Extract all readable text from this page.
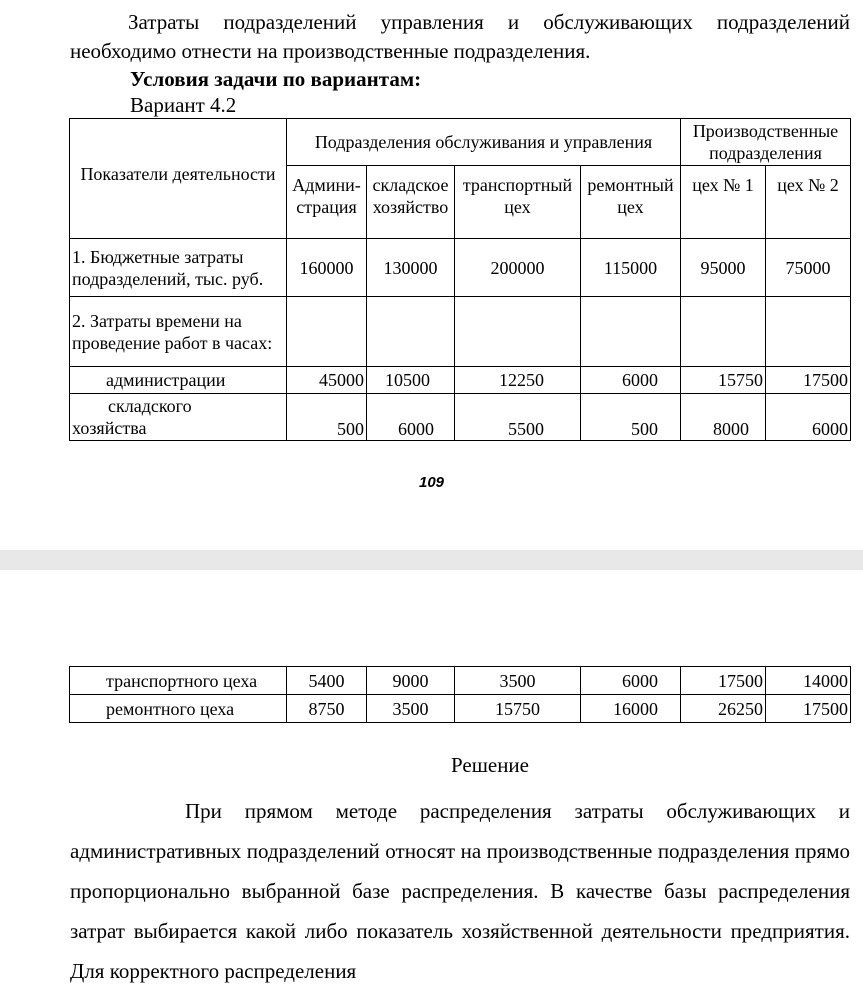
Затраты подразделений управления и обслуживающих подразделений

необходимо отнести на производственные подразделения.
Условия задачи по вариантам:
Вариант 4.2
Показатели деятельности	Подразделения обслуживания и управления				Производственные подразделения	
	Админи-страция	складское хозяйство	транспортный цех	ремонтный цех	цех № 1	цех № 2
1. Бюджетные затраты подразделений, тыс. руб.	160000	130000	200000	115000	95000	75000
2. Затраты времени на проведение работ в часах:						
администрации	45000	10500	12250	6000	15750	17500

складского
хозяйства	500	6000	5500	500	8000	6000
109
транспортного цеха	5400	9000	3500	6000	17500	14000
ремонтного цеха	8750	3500	15750	16000	26250	17500
Решение

При прямом методе распределения затраты обслуживающих и административных подразделений относят на производственные подразделения прямо пропорционально выбранной базе распределения. В качестве базы распределения затрат выбирается какой либо показатель хозяйственной деятельности предприятия. Для корректного распределения
